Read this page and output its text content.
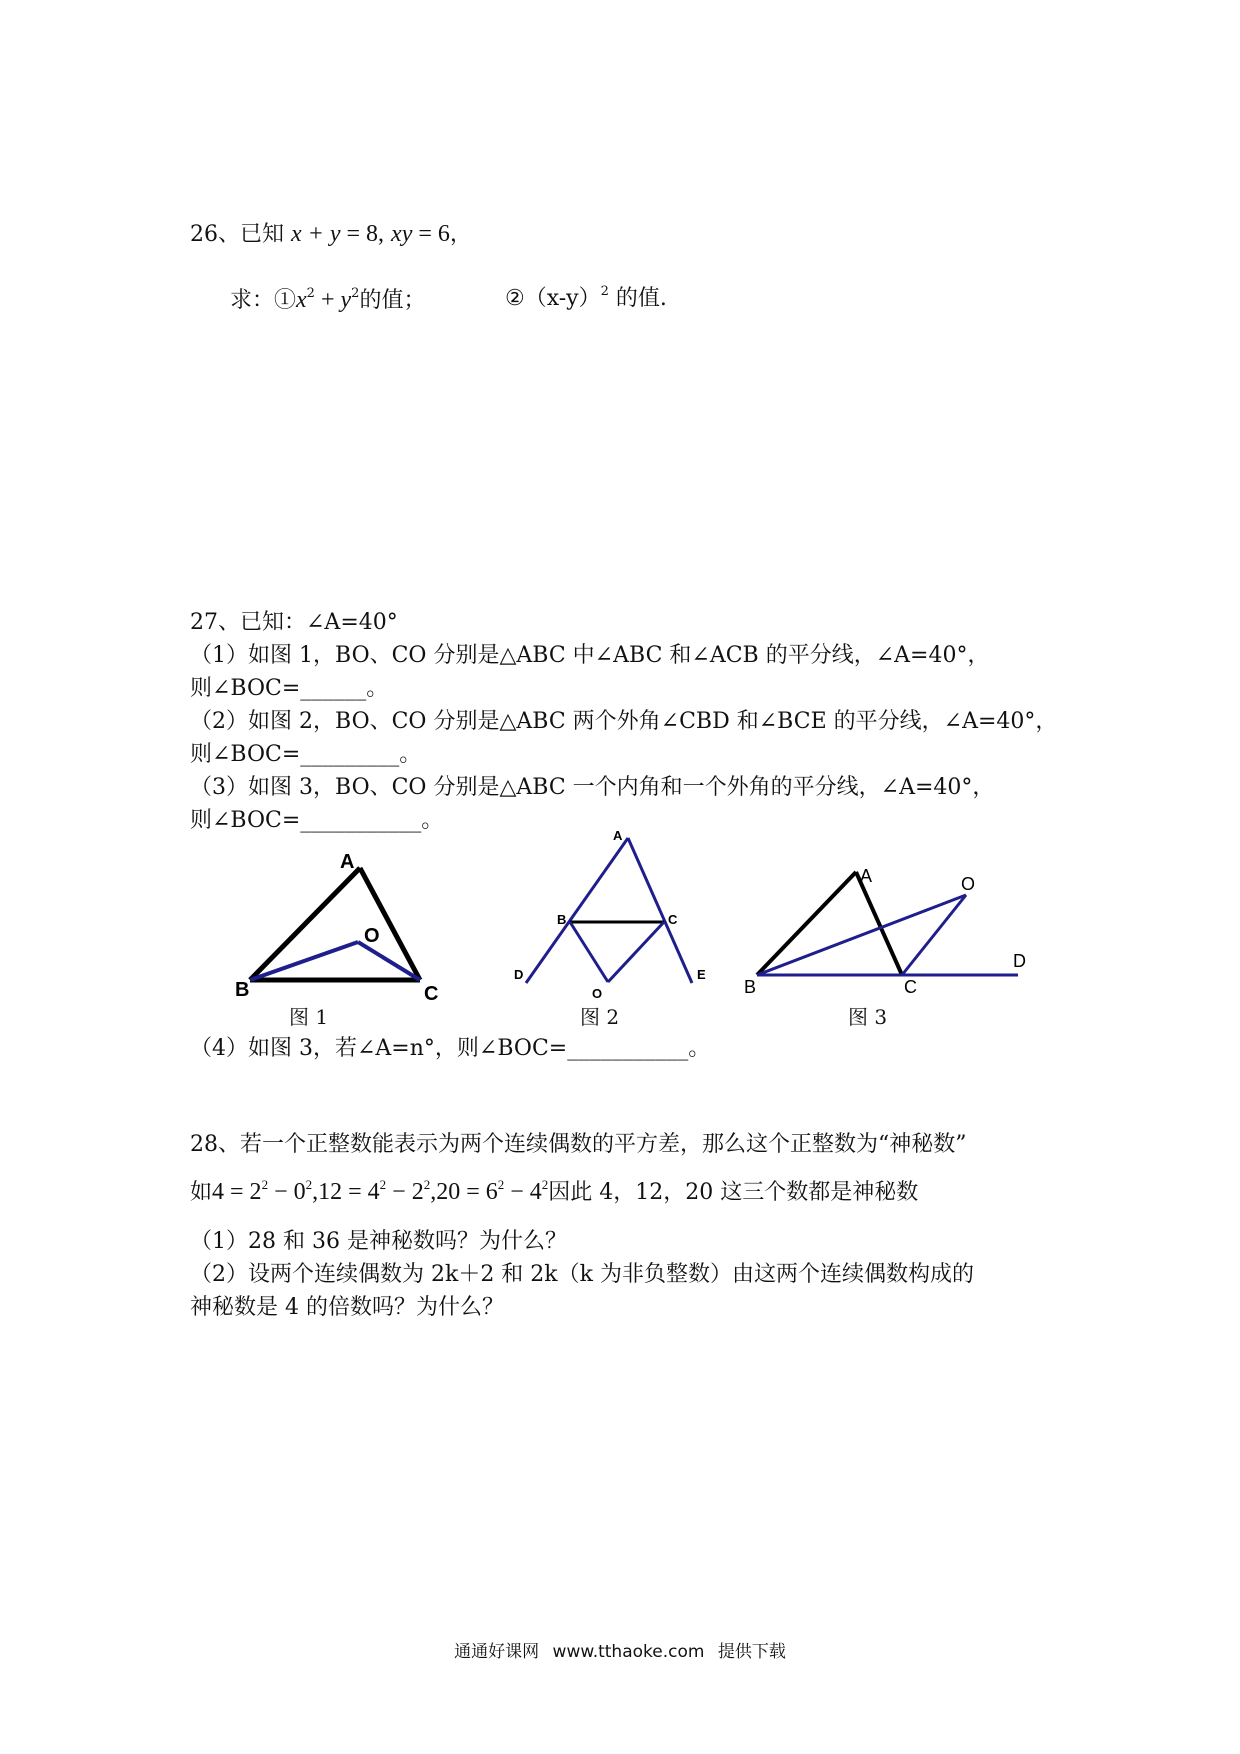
26、已知 x + y = 8, xy = 6，
求：$①x^2 + y^2$的值；	$②(x-y)^2$ 的值.
27、已知：∠A=40°
（1）如图 1，BO、CO 分别是△ABC 中∠ABC 和∠ACB 的平分线，∠A=40°，
则∠BOC=______。
（2）如图 2，BO、CO 分别是△ABC 两个外角∠CBD 和∠BCE 的平分线，∠A=40°，
则∠BOC=_________。
（3）如图 3，BO、CO 分别是△ABC 一个内角和一个外角的平分线，∠A=40°，
则∠BOC=___________。
A
B	C
O
A
B	C
D	E
O
A
B	C
D
O
图 1	图 2	图 3
（4）如图 3，若∠A=n°，则∠BOC=___________。
28、若一个正整数能表示为两个连续偶数的平方差，那么这个正整数为“神秘数”
如$4 = 2^2 - 0^2,12 = 4^2 - 2^2,20 = 6^2 - 4^2$因此 4，12，20 这三个数都是神秘数
（1）28 和 36 是神秘数吗？为什么？
（2）设两个连续偶数为 2k＋2 和 2k（k 为非负整数）由这两个连续偶数构成的
神秘数是 4 的倍数吗？为什么？
通通好课网 www.tthaoke.com 提供下载
